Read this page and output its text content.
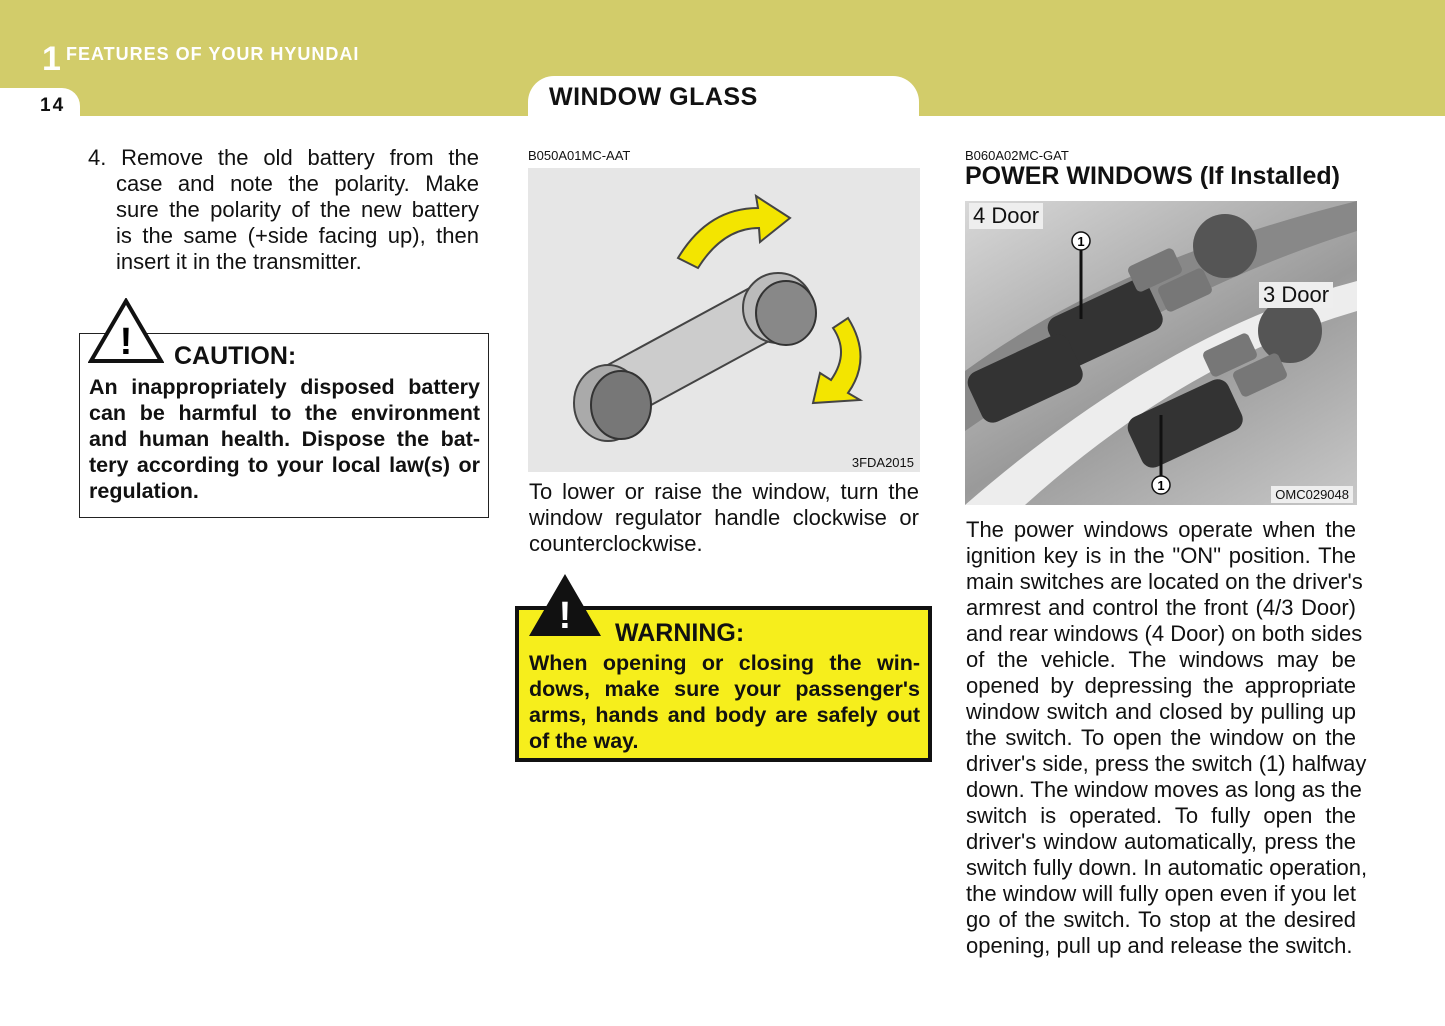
1 FEATURES OF YOUR HYUNDAI
14	WINDOW GLASS
4. Remove the old battery from the
case and note the polarity. Make
sure the polarity of the new battery
is the same (+side facing up), then
insert it in the transmitter.
CAUTION:
An inappropriately disposed battery
can be harmful to the environment
and human health. Dispose the bat-
tery according to your local law(s) or
regulation.
!
B050A01MC-AAT
3FDA2015
To lower or raise the window, turn the
window regulator handle clockwise or
counterclockwise.
WARNING:
When opening or closing the win-
dows, make sure your passenger's
arms, hands and body are safely out
of the way.
!
B060A02MC-GAT
POWER WINDOWS (If Installed)
1
1
4 Door
3 Door
OMC029048
The power windows operate when the
ignition key is in the "ON" position. The
main switches are located on the driver's
armrest and control the front (4/3 Door)
and rear windows (4 Door) on both sides
of the vehicle. The windows may be
opened by depressing the appropriate
window switch and closed by pulling up
the switch. To open the window on the
driver's side, press the switch (1) halfway
down. The window moves as long as the
switch is operated. To fully open the
driver's window automatically, press the
switch fully down. In automatic operation,
the window will fully open even if you let
go of the switch. To stop at the desired
opening, pull up and release the switch.
